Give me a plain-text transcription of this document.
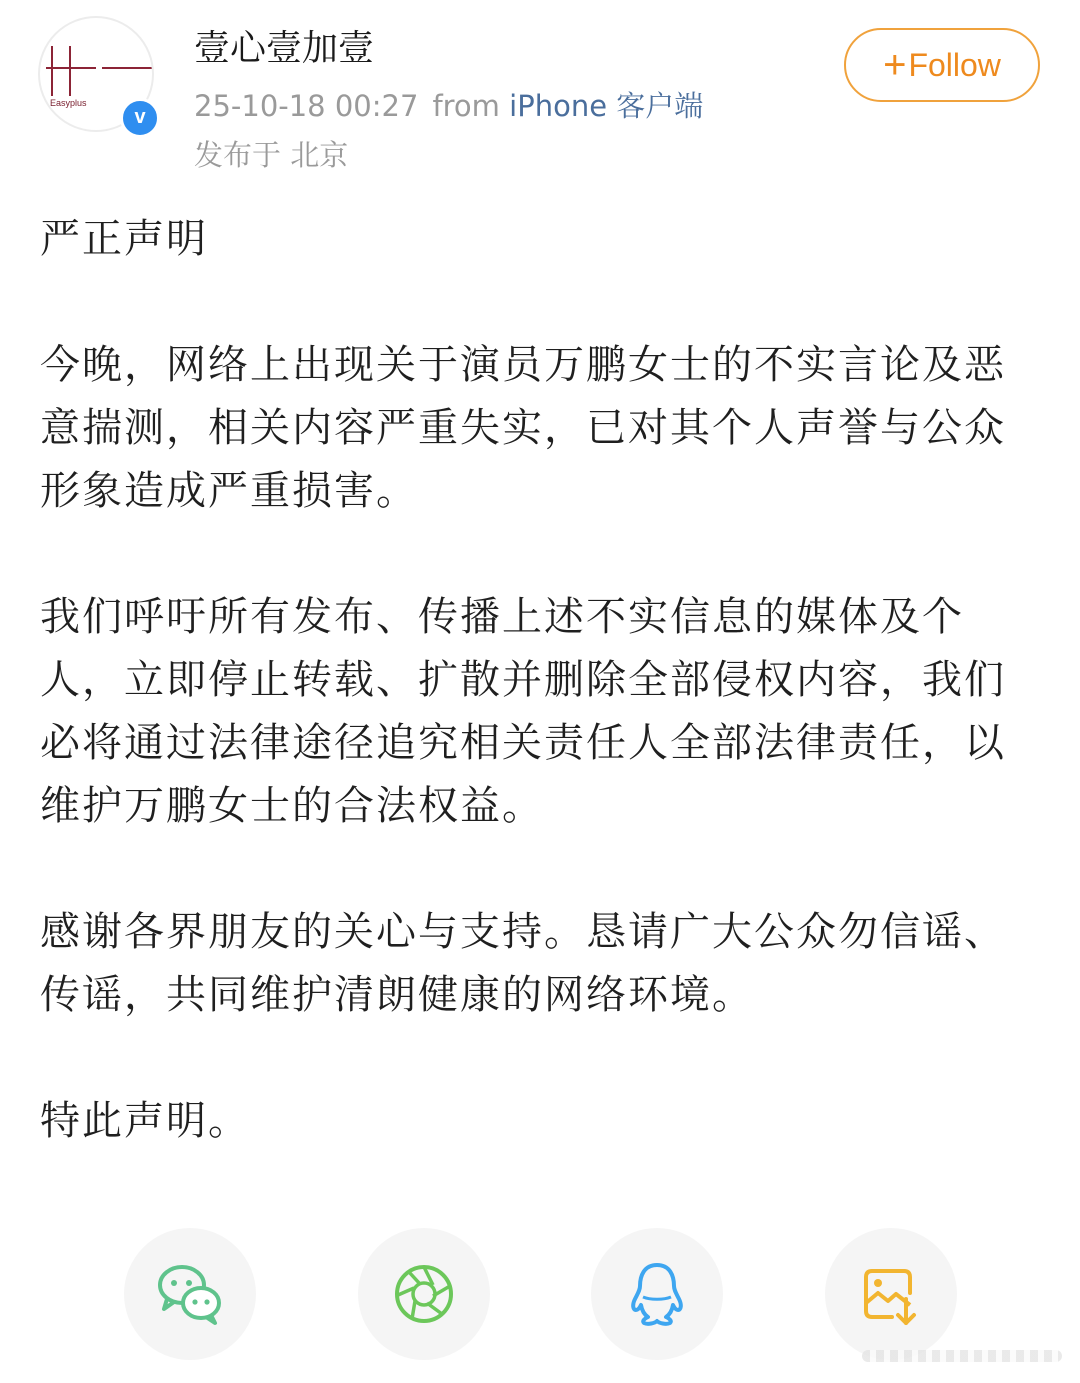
Easyplus
v
壹心壹加壹
25-10-18 00:27 from iPhone 客户端
发布于 北京
+Follow

严正声明

今晚，网络上出现关于演员万鹏女士的不实言论及恶意揣测，相关内容严重失实，已对其个人声誉与公众形象造成严重损害。

我们呼吁所有发布、传播上述不实信息的媒体及个人，立即停止转载、扩散并删除全部侵权内容，我们必将通过法律途径追究相关责任人全部法律责任，以维护万鹏女士的合法权益。

感谢各界朋友的关心与支持。恳请广大公众勿信谣、传谣，共同维护清朗健康的网络环境。

特此声明。
